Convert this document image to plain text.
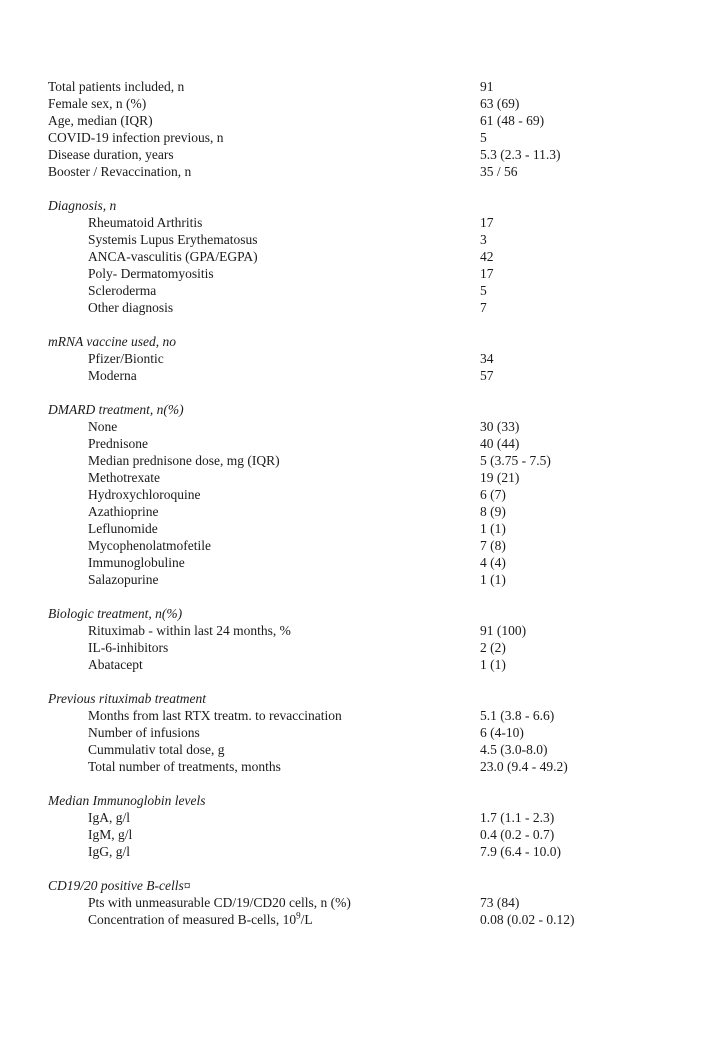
Total patients included, n	91
Female sex, n (%)	63 (69)
Age, median (IQR)	61 (48 - 69)
COVID-19 infection previous, n	5
Disease duration, years	5.3 (2.3 - 11.3)
Booster / Revaccination, n	35 / 56
Diagnosis, n
Rheumatoid Arthritis	17
Systemis Lupus Erythematosus	3
ANCA-vasculitis (GPA/EGPA)	42
Poly- Dermatomyositis	17
Scleroderma	5
Other diagnosis	7
mRNA vaccine used, no
Pfizer/Biontic	34
Moderna	57
DMARD treatment, n(%)
None	30 (33)
Prednisone	40 (44)
Median prednisone dose, mg (IQR)	5 (3.75 - 7.5)
Methotrexate	19 (21)
Hydroxychloroquine	6 (7)
Azathioprine	8 (9)
Leflunomide	1 (1)
Mycophenolatmofetile	7 (8)
Immunoglobuline	4 (4)
Salazopurine	1 (1)
Biologic treatment, n(%)
Rituximab - within last 24 months, %	91 (100)
IL-6-inhibitors	2 (2)
Abatacept	1 (1)
Previous rituximab treatment
Months from last RTX treatm. to revaccination	5.1 (3.8 - 6.6)
Number of infusions	6 (4-10)
Cummulativ total dose, g	4.5 (3.0-8.0)
Total number of treatments, months	23.0 (9.4 - 49.2)
Median Immunoglobin levels
IgA, g/l	1.7 (1.1 - 2.3)
IgM, g/l	0.4 (0.2 - 0.7)
IgG, g/l	7.9 (6.4 - 10.0)
CD19/20 positive B-cells¤
Pts with unmeasurable CD/19/CD20 cells, n (%)	73 (84)
Concentration of measured B-cells, $10^9/L$	0.08 (0.02 - 0.12)
